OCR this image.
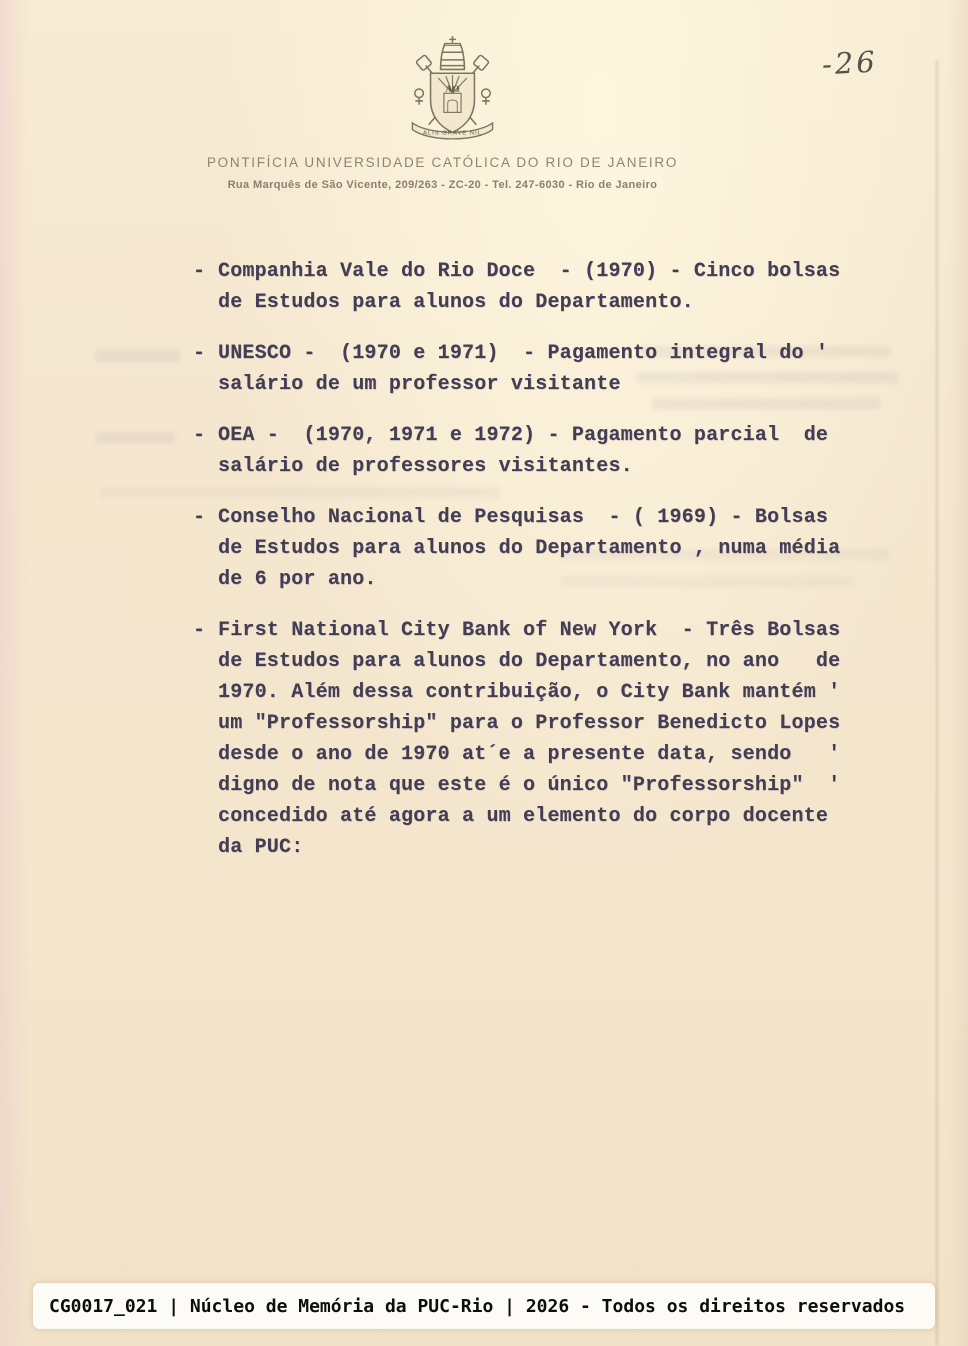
ΑΩ
ALIS GRAVE NIL
-26
PONTIFÍCIA UNIVERSIDADE CATÓLICA DO RIO DE JANEIRO
Rua Marquês de São Vicente, 209/263 - ZC-20 - Tel. 247-6030 - Rio de Janeiro
- Companhia Vale do Rio Doce  - (1970) - Cinco bolsas
de Estudos para alunos do Departamento.
- UNESCO -  (1970 e 1971)  - Pagamento integral do '
salário de um professor visitante
- OEA -  (1970, 1971 e 1972) - Pagamento parcial  de
salário de professores visitantes.
- Conselho Nacional de Pesquisas  - ( 1969) - Bolsas
de Estudos para alunos do Departamento , numa média
de 6 por ano.
- First National City Bank of New York  - Três Bolsas
de Estudos para alunos do Departamento, no ano   de
1970. Além dessa contribuição, o City Bank mantém '
um "Professorship" para o Professor Benedicto Lopes
desde o ano de 1970 at´e a presente data, sendo   '
digno de nota que este é o único "Professorship"  '
concedido até agora a um elemento do corpo docente
da PUC:
CG0017_021 | Núcleo de Memória da PUC-Rio | 2026 - Todos os direitos reservados
